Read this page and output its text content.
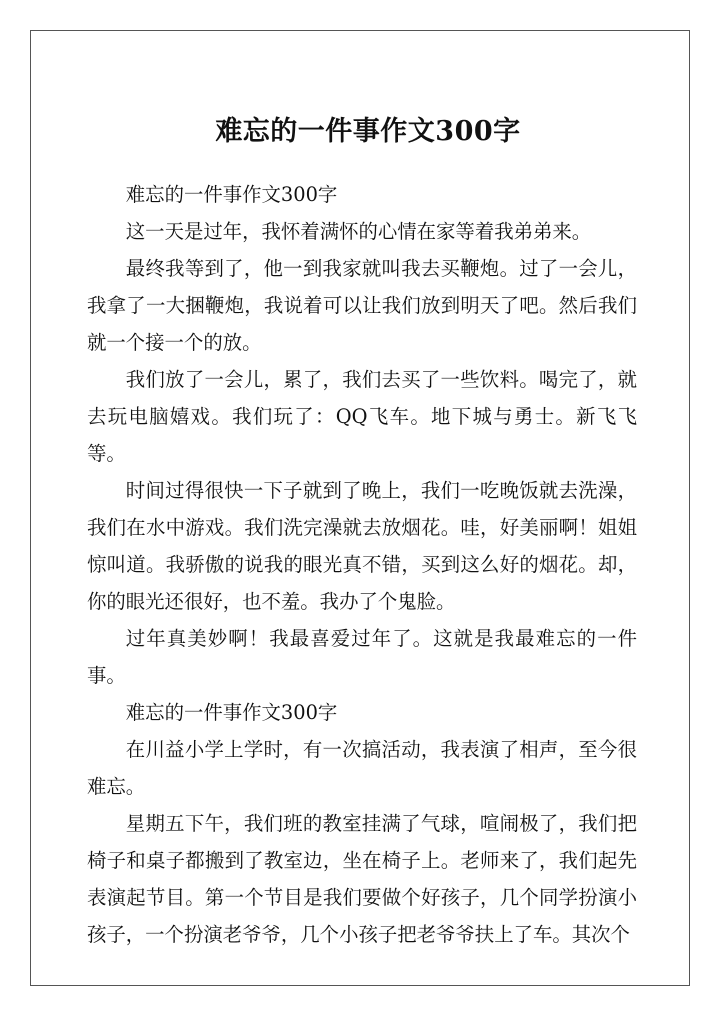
难忘的一件事作文300字

难忘的一件事作文300字

这一天是过年，我怀着满怀的心情在家等着我弟弟来。

最终我等到了，他一到我家就叫我去买鞭炮。过了一会儿，我拿了一大捆鞭炮，我说着可以让我们放到明天了吧。然后我们就一个接一个的放。

我们放了一会儿，累了，我们去买了一些饮料。喝完了，就去玩电脑嬉戏。我们玩了：QQ飞车。地下城与勇士。新飞飞等。

时间过得很快一下子就到了晚上，我们一吃晚饭就去洗澡，我们在水中游戏。我们洗完澡就去放烟花。哇，好美丽啊！姐姐惊叫道。我骄傲的说我的眼光真不错，买到这么好的烟花。却，你的眼光还很好，也不羞。我办了个鬼脸。

过年真美妙啊！我最喜爱过年了。这就是我最难忘的一件事。

难忘的一件事作文300字

在川益小学上学时，有一次搞活动，我表演了相声，至今很难忘。

星期五下午，我们班的教室挂满了气球，喧闹极了，我们把椅子和桌子都搬到了教室边，坐在椅子上。老师来了，我们起先表演起节目。第一个节目是我们要做个好孩子，几个同学扮演小孩子，一个扮演老爷爷，几个小孩子把老爷爷扶上了车。其次个
